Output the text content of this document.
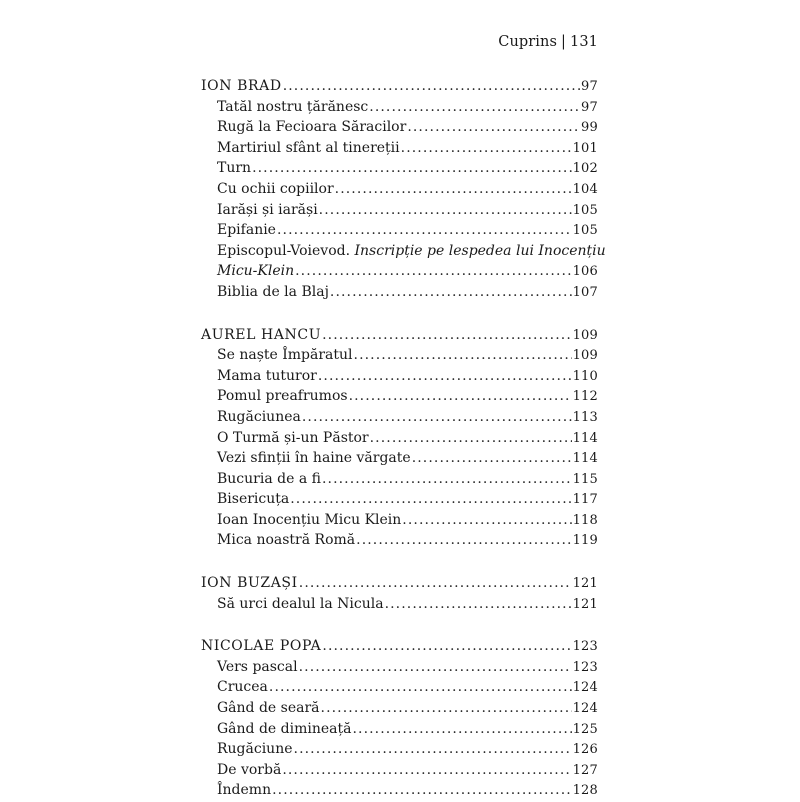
Cuprins | 131
ION BRAD .....	97
Tatăl nostru țărănesc .....	97
Rugă la Fecioara Săracilor .....	99
Martiriul sfânt al tinereții .....	101
Turn .....	102
Cu ochii copiilor .....	104
Iarăși și iarăși .....	105
Epifanie .....	105
Episcopul-Voievod. Inscripție pe lespedea lui Inocențiu
Micu-Klein .....	106
Biblia de la Blaj .....	107
AUREL HANCU .....	109
Se naște Împăratul .....	109
Mama tuturor .....	110
Pomul preafrumos .....	112
Rugăciunea .....	113
O Turmă și-un Păstor .....	114
Vezi sfinții în haine vărgate .....	114
Bucuria de a fi .....	115
Bisericuța .....	117
Ioan Inocențiu Micu Klein .....	118
Mica noastră Romă .....	119
ION BUZAȘI .....	121
Să urci dealul la Nicula .....	121
NICOLAE POPA .....	123
Vers pascal .....	123
Crucea .....	124
Gând de seară .....	124
Gând de dimineață .....	125
Rugăciune .....	126
De vorbă .....	127
Îndemn .....	128
